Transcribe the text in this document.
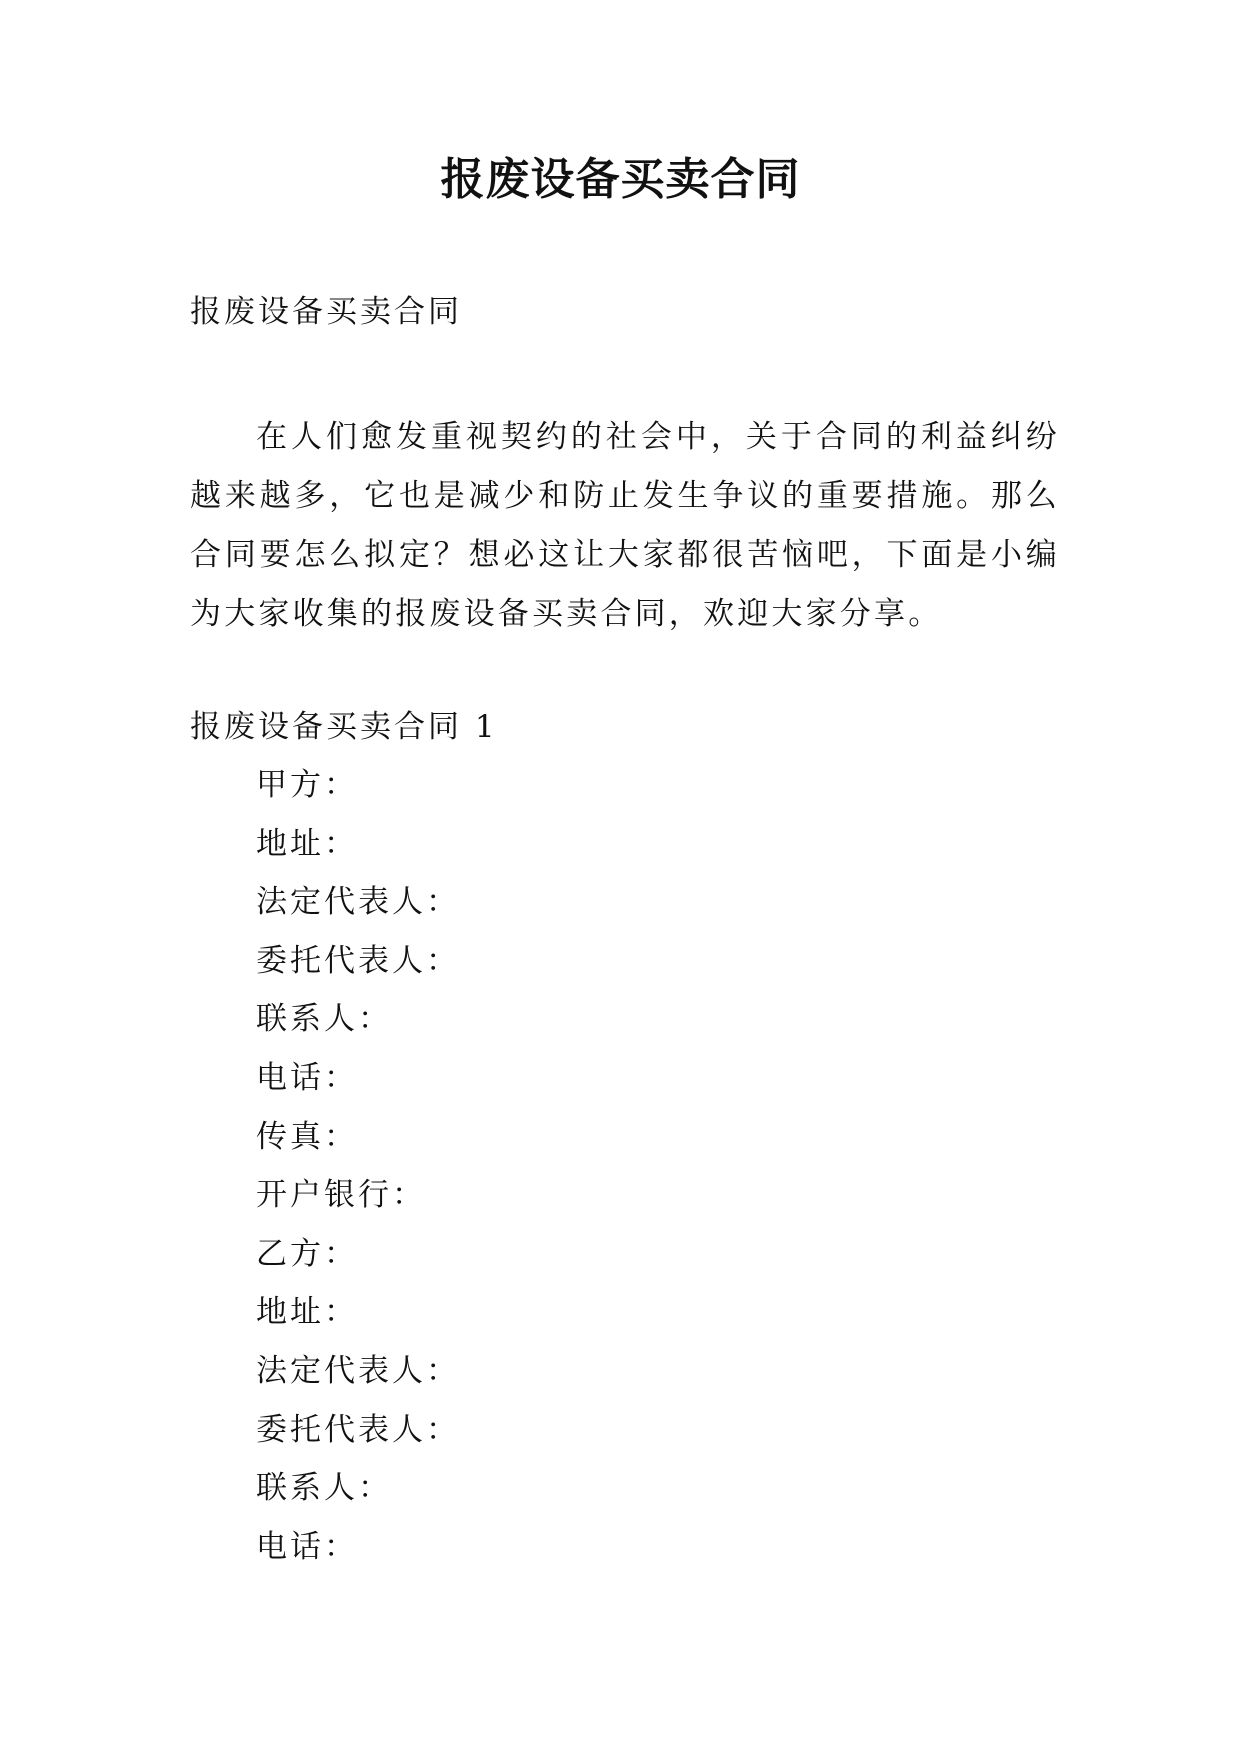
报废设备买卖合同
报废设备买卖合同

在人们愈发重视契约的社会中，关于合同的利益纠纷越来越多，它也是减少和防止发生争议的重要措施。那么合同要怎么拟定？想必这让大家都很苦恼吧，下面是小编为大家收集的报废设备买卖合同，欢迎大家分享。

报废设备买卖合同 1
甲方：
地址：
法定代表人：
委托代表人：
联系人：
电话：
传真：
开户银行：
乙方：
地址：
法定代表人：
委托代表人：
联系人：
电话：
